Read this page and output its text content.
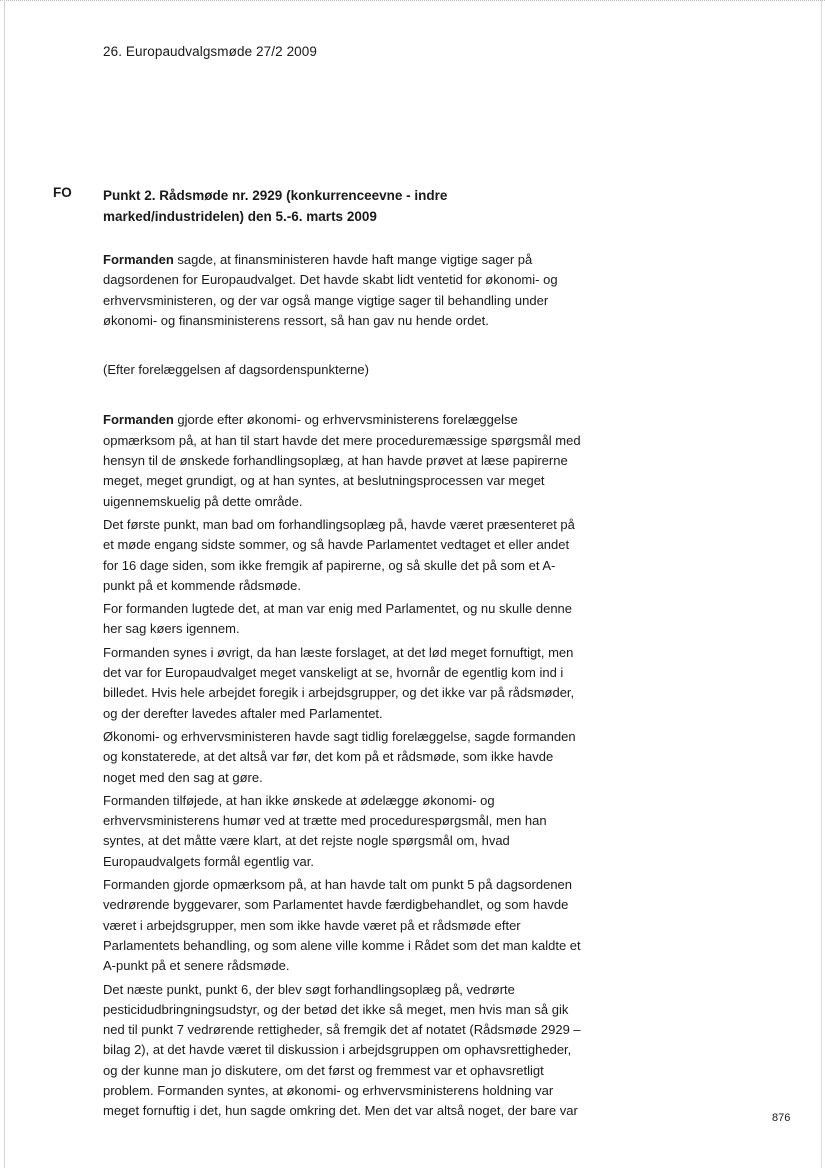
26. Europaudvalgsmøde 27/2 2009
FO Punkt 2. Rådsmøde nr. 2929 (konkurrenceevne - indre marked/industridelen) den 5.-6. marts 2009

Formanden sagde, at finansministeren havde haft mange vigtige sager på dagsordenen for Europaudvalget. Det havde skabt lidt ventetid for økonomi- og erhvervsministeren, og der var også mange vigtige sager til behandling under økonomi- og finansministerens ressort, så han gav nu hende ordet.

(Efter forelæggelsen af dagsordenspunkterne)

Formanden gjorde efter økonomi- og erhvervsministerens forelæggelse opmærksom på, at han til start havde det mere proceduremæssige spørgsmål med hensyn til de ønskede forhandlingsoplæg, at han havde prøvet at læse papirerne meget, meget grundigt, og at han syntes, at beslutningsprocessen var meget uigennemskuelig på dette område.

Det første punkt, man bad om forhandlingsoplæg på, havde været præsenteret på et møde engang sidste sommer, og så havde Parlamentet vedtaget et eller andet for 16 dage siden, som ikke fremgik af papirerne, og så skulle det på som et A-punkt på et kommende rådsmøde.

For formanden lugtede det, at man var enig med Parlamentet, og nu skulle denne her sag køers igennem.

Formanden synes i øvrigt, da han læste forslaget, at det lød meget fornuftigt, men det var for Europaudvalget meget vanskeligt at se, hvornår de egentlig kom ind i billedet. Hvis hele arbejdet foregik i arbejdsgrupper, og det ikke var på rådsmøder, og der derefter lavedes aftaler med Parlamentet.

Økonomi- og erhvervsministeren havde sagt tidlig forelæggelse, sagde formanden og konstaterede, at det altså var før, det kom på et rådsmøde, som ikke havde noget med den sag at gøre.

Formanden tilføjede, at han ikke ønskede at ødelægge økonomi- og erhvervsministerens humør ved at trætte med procedurespørgsmål, men han syntes, at det måtte være klart, at det rejste nogle spørgsmål om, hvad Europaudvalgets formål egentlig var.

Formanden gjorde opmærksom på, at han havde talt om punkt 5 på dagsordenen vedrørende byggevarer, som Parlamentet havde færdigbehandlet, og som havde været i arbejdsgrupper, men som ikke havde været på et rådsmøde efter Parlamentets behandling, og som alene ville komme i Rådet som det man kaldte et A-punkt på et senere rådsmøde.

Det næste punkt, punkt 6, der blev søgt forhandlingsoplæg på, vedrørte pesticidudbringningsudstyr, og der betød det ikke så meget, men hvis man så gik ned til punkt 7 vedrørende rettigheder, så fremgik det af notatet (Rådsmøde 2929 – bilag 2), at det havde været til diskussion i arbejdsgruppen om ophavsrettigheder, og der kunne man jo diskutere, om det først og fremmest var et ophavsretligt problem. Formanden syntes, at økonomi- og erhvervsministerens holdning var meget fornuftig i det, hun sagde omkring det. Men det var altså noget, der bare var	876
